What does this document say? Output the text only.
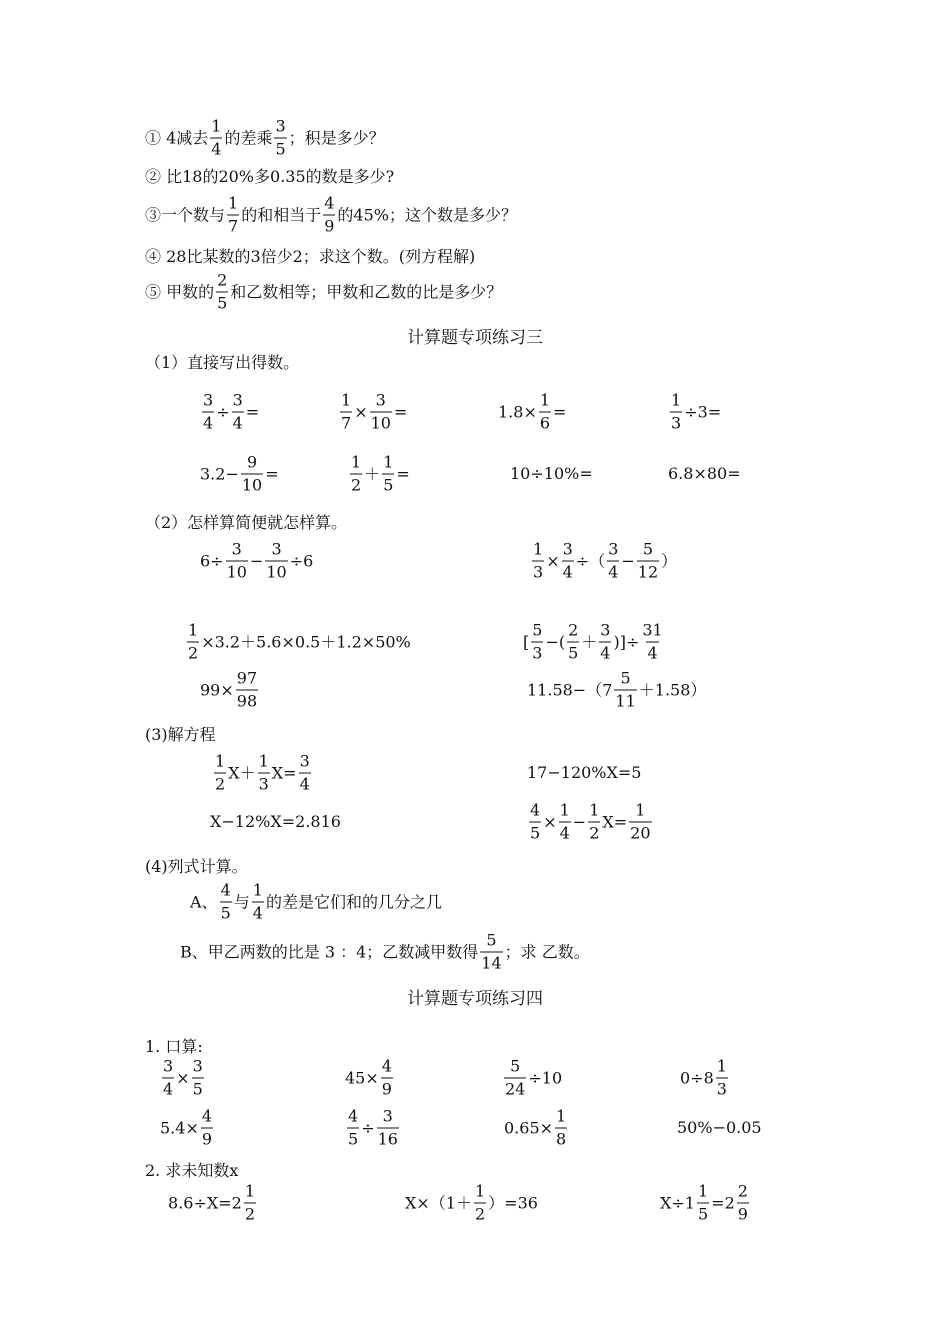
① 4减去 $\frac{1}{4}$ 的差乘 $\frac{3}{5}$ ；积是多少？
② 比18的20%多0.35的数是多少?
③一个数与 $\frac{1}{7}$ 的和相当于 $\frac{4}{9}$ 的45%；这个数是多少？
④ 28比某数的3倍少2；求这个数。(列方程解)
⑤ 甲数的 $\frac{2}{5}$ 和乙数相等；甲数和乙数的比是多少？
计算题专项练习三
计算题专项练习四
（1）直接写出得数。
（2）怎样算简便就怎样算。
(3)解方程
(4)列式计算。
1. 口算:
2. 求未知数x
$\frac{3}{4} \div \frac{3}{4}$ =	$\frac{1}{7} \times \frac{3}{10}$ =	$1.8\times \frac{1}{6}$ =	$\frac{1}{3} \div 3=$
$3.2- \frac{9}{10}$ =	$\frac{1}{2} + \frac{1}{5}$ =	10÷10%=	6.8×80=
$6\div \frac{3}{10} - \frac{3}{10} \div 6$	$\frac{1}{3} \times \frac{3}{4}$ ÷（ $\frac{3}{4} - \frac{5}{12}$ ）
$\frac{1}{2} \times 3.2+5.6\times 0.5+1.2\times 50\%$	[ $\frac{5}{3}$ −( $\frac{2}{5} + \frac{3}{4}$ )]÷ $\frac{31}{4}$
$99\times \frac{97}{98}$	$11.58-(7 \frac{5}{11} +1.58)$
$\frac{1}{2} X+ \frac{1}{3} X= \frac{3}{4}$	17−120%X=5
X−12%X=2.816	$\frac{4}{5} \times \frac{1}{4} - \frac{1}{2} X= \frac{1}{20}$
A、 $\frac{4}{5}$ 与 $\frac{1}{4}$ 的差是它们和的几分之几
B、甲乙两数的比是 3 ：4；乙数减甲数得 $\frac{5}{14}$ ；求 乙数。
$\frac{3}{4} \times \frac{3}{5}$	$45\times \frac{4}{9}$	$\frac{5}{24} \div 10$	$0\div 8 \frac{1}{3}$
$5.4\times \frac{4}{9}$	$\frac{4}{5} \div \frac{3}{16}$	$0.65\times \frac{1}{8}$	50%−0.05
$8.6\div X=2 \frac{1}{2}$	$X\times(1+ \frac{1}{2} )=36$	$X\div 1 \frac{1}{5} =2 \frac{2}{9}$
